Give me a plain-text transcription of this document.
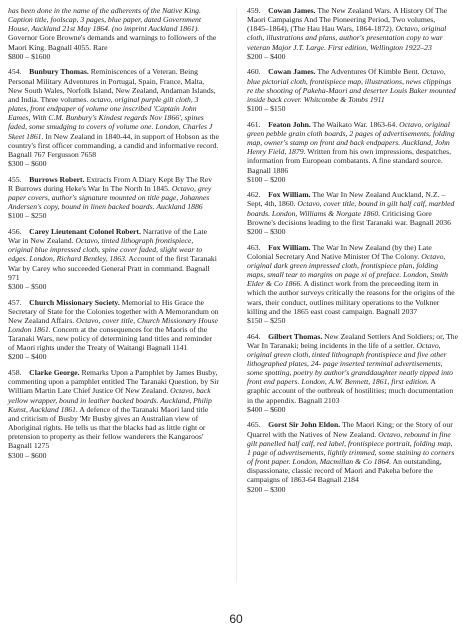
has been done in the name of the adherents of the Native King. Caption title, foolscap, 3 pages, blue paper, dated Government House, Auckland 21st May 1864. (no imprint Auckland 1861). Governor Gore Browne's demands and warnings to followers of the Maori King. Bagnall 4055. Rare

$800 – $1600

454.  Bunbury Thomas. Reminiscences of a Veteran. Being Personal Military Adventures in Portugal, Spain, France, Malta, New South Wales, Norfolk Island, New Zealand, Andaman Islands, and India. Three volumes. octavo, original purple gilt cloth, 3 plates, front endpaper of volume one inscribed 'Captain John Eames, With C.M. Bunbury's Kindest regards Nov 1866', spines faded, some smudging to covers of volume one. London, Charles J Skeet 1861. In New Zealand in 1840-44, in support of Hobson as the country's first officer commanding, a candid and informative record. Bagnall 767 Fergusson 7658

$300 – $600

455.  Burrows Robert. Extracts From A Diary Kept By The Rev R Burrows during Heke's War In The North In 1845. Octavo, grey paper covers, author's signature mounted on title page, Johannes Andersen's copy, bound in linen backed boards. Auckland 1886

$100 – $250

456.  Carey Lieutenant Colonel Robert. Narrative of the Late War in New Zealand. Octavo, tinted lithograph frontispiece, original blue impressed cloth, spine cover faded, slight wear to edges. London, Richard Bentley, 1863. Account of the first Taranaki War by Carey who succeeded General Pratt in command. Bagnall 971

$300 – $500

457.  Church Missionary Society. Memorial to His Grace the Secretary of State for the Colonies together with A Memorandum on New Zealand Affairs. Octavo, cover title, Church Missionary House London 1861. Concern at the consequences for the Maoris of the Taranaki Wars, new policy of determining land titles and reminder of Maori rights under the Treaty of Waitangi Bagnall 1141

$200 – $400

458.  Clarke George. Remarks Upon a Pamphlet by James Busby, commenting upon a pamphlet entitled The Taranaki Question, by Sir William Martin Late Chief Justice Of New Zealand. Octavo, back yellow wrapper, bound in leather backed boards. Auckland, Philip Kunst, Auckland 1861. A defence of the Taranaki Maori land title and criticism of Busby 'Mr Busby gives an Australian view of Aboriginal rights. He tells us that the blacks had as little right or pretension to property as their fellow wanderers the Kangaroos' Bagnall 1275

$300 – $600

459.  Cowan James. The New Zealand Wars. A History Of The Maori Campaigns And The Pioneering Period, Two volumes, (1845–1864), (The Hau Hau Wars, 1864-1872). Octavo, original cloth, illustrations and plans, author's presentation copy to war veteran Major J.T. Large. First edition, Wellington 1922–23

$200 – $400

460.  Cowan James. The Adventures Of Kimble Bent. Octavo, blue pictorial cloth, frontispiece map, illustrations, news clippings re the shooting of Pakeha-Maori and deserter Louis Baker mounted inside back cover. Whitcombe & Tombs 1911

$100 – $150

461.  Featon John. The Waikato War. 1863-64. Octavo, original green pebble grain cloth boards, 2 pages of advertisements, folding map, owner's stamp on front and back endpapers. Auckland, John Henry Field, 1879. Written from his own impressions, despatches, information from European combatants. A fine standard source. Bagnall 1886

$100 – $200

462.  Fox William. The War In New Zealand Auckland, N.Z. – Sept, 4th, 1860. Octavo, cover title, bound in gilt half calf, marbled boards. London, Williams & Norgate 1860. Criticising Gore Browne's decisions leading to the first Taranaki war. Bagnall 2036

$200 – $300

463.  Fox William. The War In New Zealand (by the) Late Colonial Secretary And Native Minister Of The Colony. Octavo, original dark green impressed cloth, frontispiece plan, folding maps, small tear to margins on page xi of preface. London, Smith Elder & Co 1866. A distinct work from the preceeding item in which the author surveys critically the reasons for the origins of the wars, their conduct, outlines military operations to the Volkner killing and the 1865 east coast campaign. Bagnall 2037

$150 – $250

464.  Gilbert Thomas. New Zealand Settlers And Soldiers; or, The War In Taranaki; being incidents in the life of a settler. Octavo, original green cloth, tinted lithograph frontispiece and five other lithographed plates, 24- page inserted terminal advertisements, some spotting, poetry by author's granddaughter neatly tipped into front end papers. London, A.W. Bennett, 1861, first edition. A graphic account of the outbreak of hostilities; much documentation in the appendix. Bagnall 2103

$400 – $600

465.  Gorst Sir John Eldon. The Maori King; or the Story of our Quarrel with the Natives of New Zealand. Octavo, rebound in fine gilt panelled half calf, red label, frontispiece portrait, folding map, 1 page of advertisements, lightly trimmed, some staining to corners of front paper. London, Macmillan & Co 1864. An outstanding, dispassionate, classic record of Maori and Pakeha before the campaigns of 1863-64 Bagnall 2184

$200 – $300

60
